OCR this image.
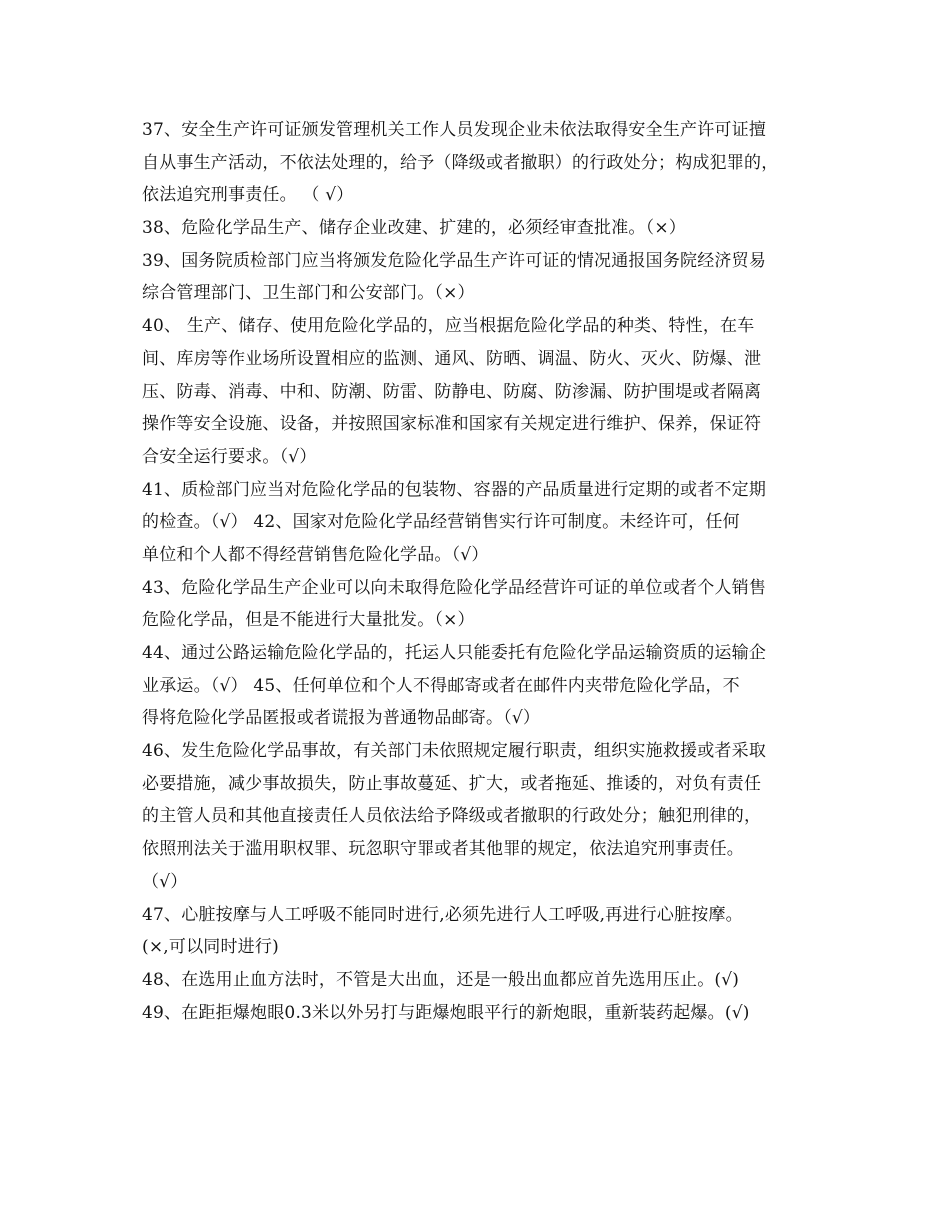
37、安全生产许可证颁发管理机关工作人员发现企业未依法取得安全生产许可证擅
自从事生产活动，不依法处理的，给予（降级或者撤职）的行政处分；构成犯罪的，
依法追究刑事责任。 （ √）
38、危险化学品生产、储存企业改建、扩建的，必须经审查批准。（×）
39、国务院质检部门应当将颁发危险化学品生产许可证的情况通报国务院经济贸易
综合管理部门、卫生部门和公安部门。（×）
40、 生产、储存、使用危险化学品的，应当根据危险化学品的种类、特性，在车
间、库房等作业场所设置相应的监测、通风、防晒、调温、防火、灭火、防爆、泄
压、防毒、消毒、中和、防潮、防雷、防静电、防腐、防渗漏、防护围堤或者隔离
操作等安全设施、设备，并按照国家标准和国家有关规定进行维护、保养，保证符
合安全运行要求。（√）
41、质检部门应当对危险化学品的包装物、容器的产品质量进行定期的或者不定期
的检查。（√） 42、国家对危险化学品经营销售实行许可制度。未经许可，任何
单位和个人都不得经营销售危险化学品。（√）
43、危险化学品生产企业可以向未取得危险化学品经营许可证的单位或者个人销售
危险化学品，但是不能进行大量批发。（×）
44、通过公路运输危险化学品的，托运人只能委托有危险化学品运输资质的运输企
业承运。（√） 45、任何单位和个人不得邮寄或者在邮件内夹带危险化学品，不
得将危险化学品匿报或者谎报为普通物品邮寄。（√）
46、发生危险化学品事故，有关部门未依照规定履行职责，组织实施救援或者采取
必要措施，减少事故损失，防止事故蔓延、扩大，或者拖延、推诿的，对负有责任
的主管人员和其他直接责任人员依法给予降级或者撤职的行政处分；触犯刑律的，
依照刑法关于滥用职权罪、玩忽职守罪或者其他罪的规定，依法追究刑事责任。
（√）
47、心脏按摩与人工呼吸不能同时进行,必须先进行人工呼吸,再进行心脏按摩。
(×,可以同时进行)
48、在选用止血方法时，不管是大出血，还是一般出血都应首先选用压止。(√)
49、在距拒爆炮眼0.3米以外另打与距爆炮眼平行的新炮眼，重新装药起爆。(√)
